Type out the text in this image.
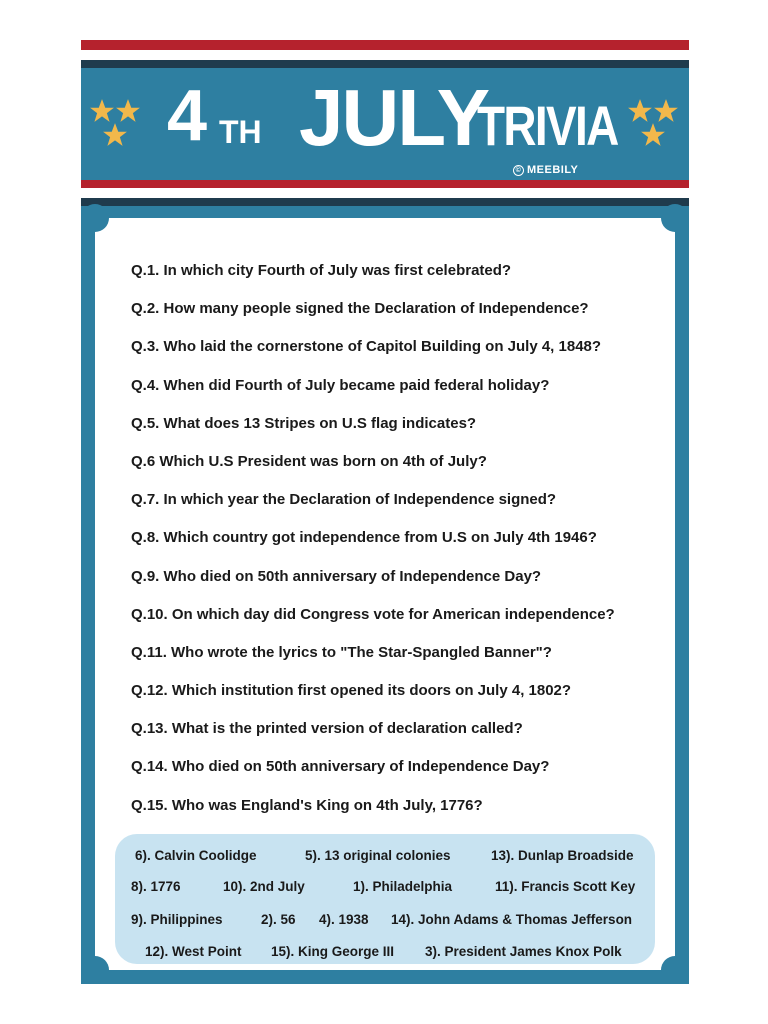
4 TH JULY
TRIVIA
© MEEBILY
Q.1. In which city Fourth of July was first celebrated?
Q.2. How many people signed the Declaration of Independence?
Q.3. Who laid the cornerstone of Capitol Building on July 4, 1848?
Q.4. When did Fourth of July became paid federal holiday?
Q.5. What does 13 Stripes on U.S flag indicates?
Q.6 Which U.S President was born on 4th of July?
Q.7. In which year the Declaration of Independence signed?
Q.8. Which country got independence from U.S on July 4th 1946?
Q.9. Who died on 50th anniversary of Independence Day?
Q.10. On which day did Congress vote for American independence?
Q.11. Who wrote the lyrics to "The Star-Spangled Banner"?
Q.12. Which institution first opened its doors on July 4, 1802?
Q.13. What is the printed version of declaration called?
Q.14. Who died on 50th anniversary of Independence Day?
Q.15. Who was England's King on 4th July, 1776?
6). Calvin Coolidge	5). 13 original colonies	13). Dunlap Broadside
8). 1776	10). 2nd July	1). Philadelphia	11). Francis Scott Key
9). Philippines	2). 56 4). 1938 14). John Adams & Thomas Jefferson
12). West Point 15). King George III 3). President James Knox Polk
